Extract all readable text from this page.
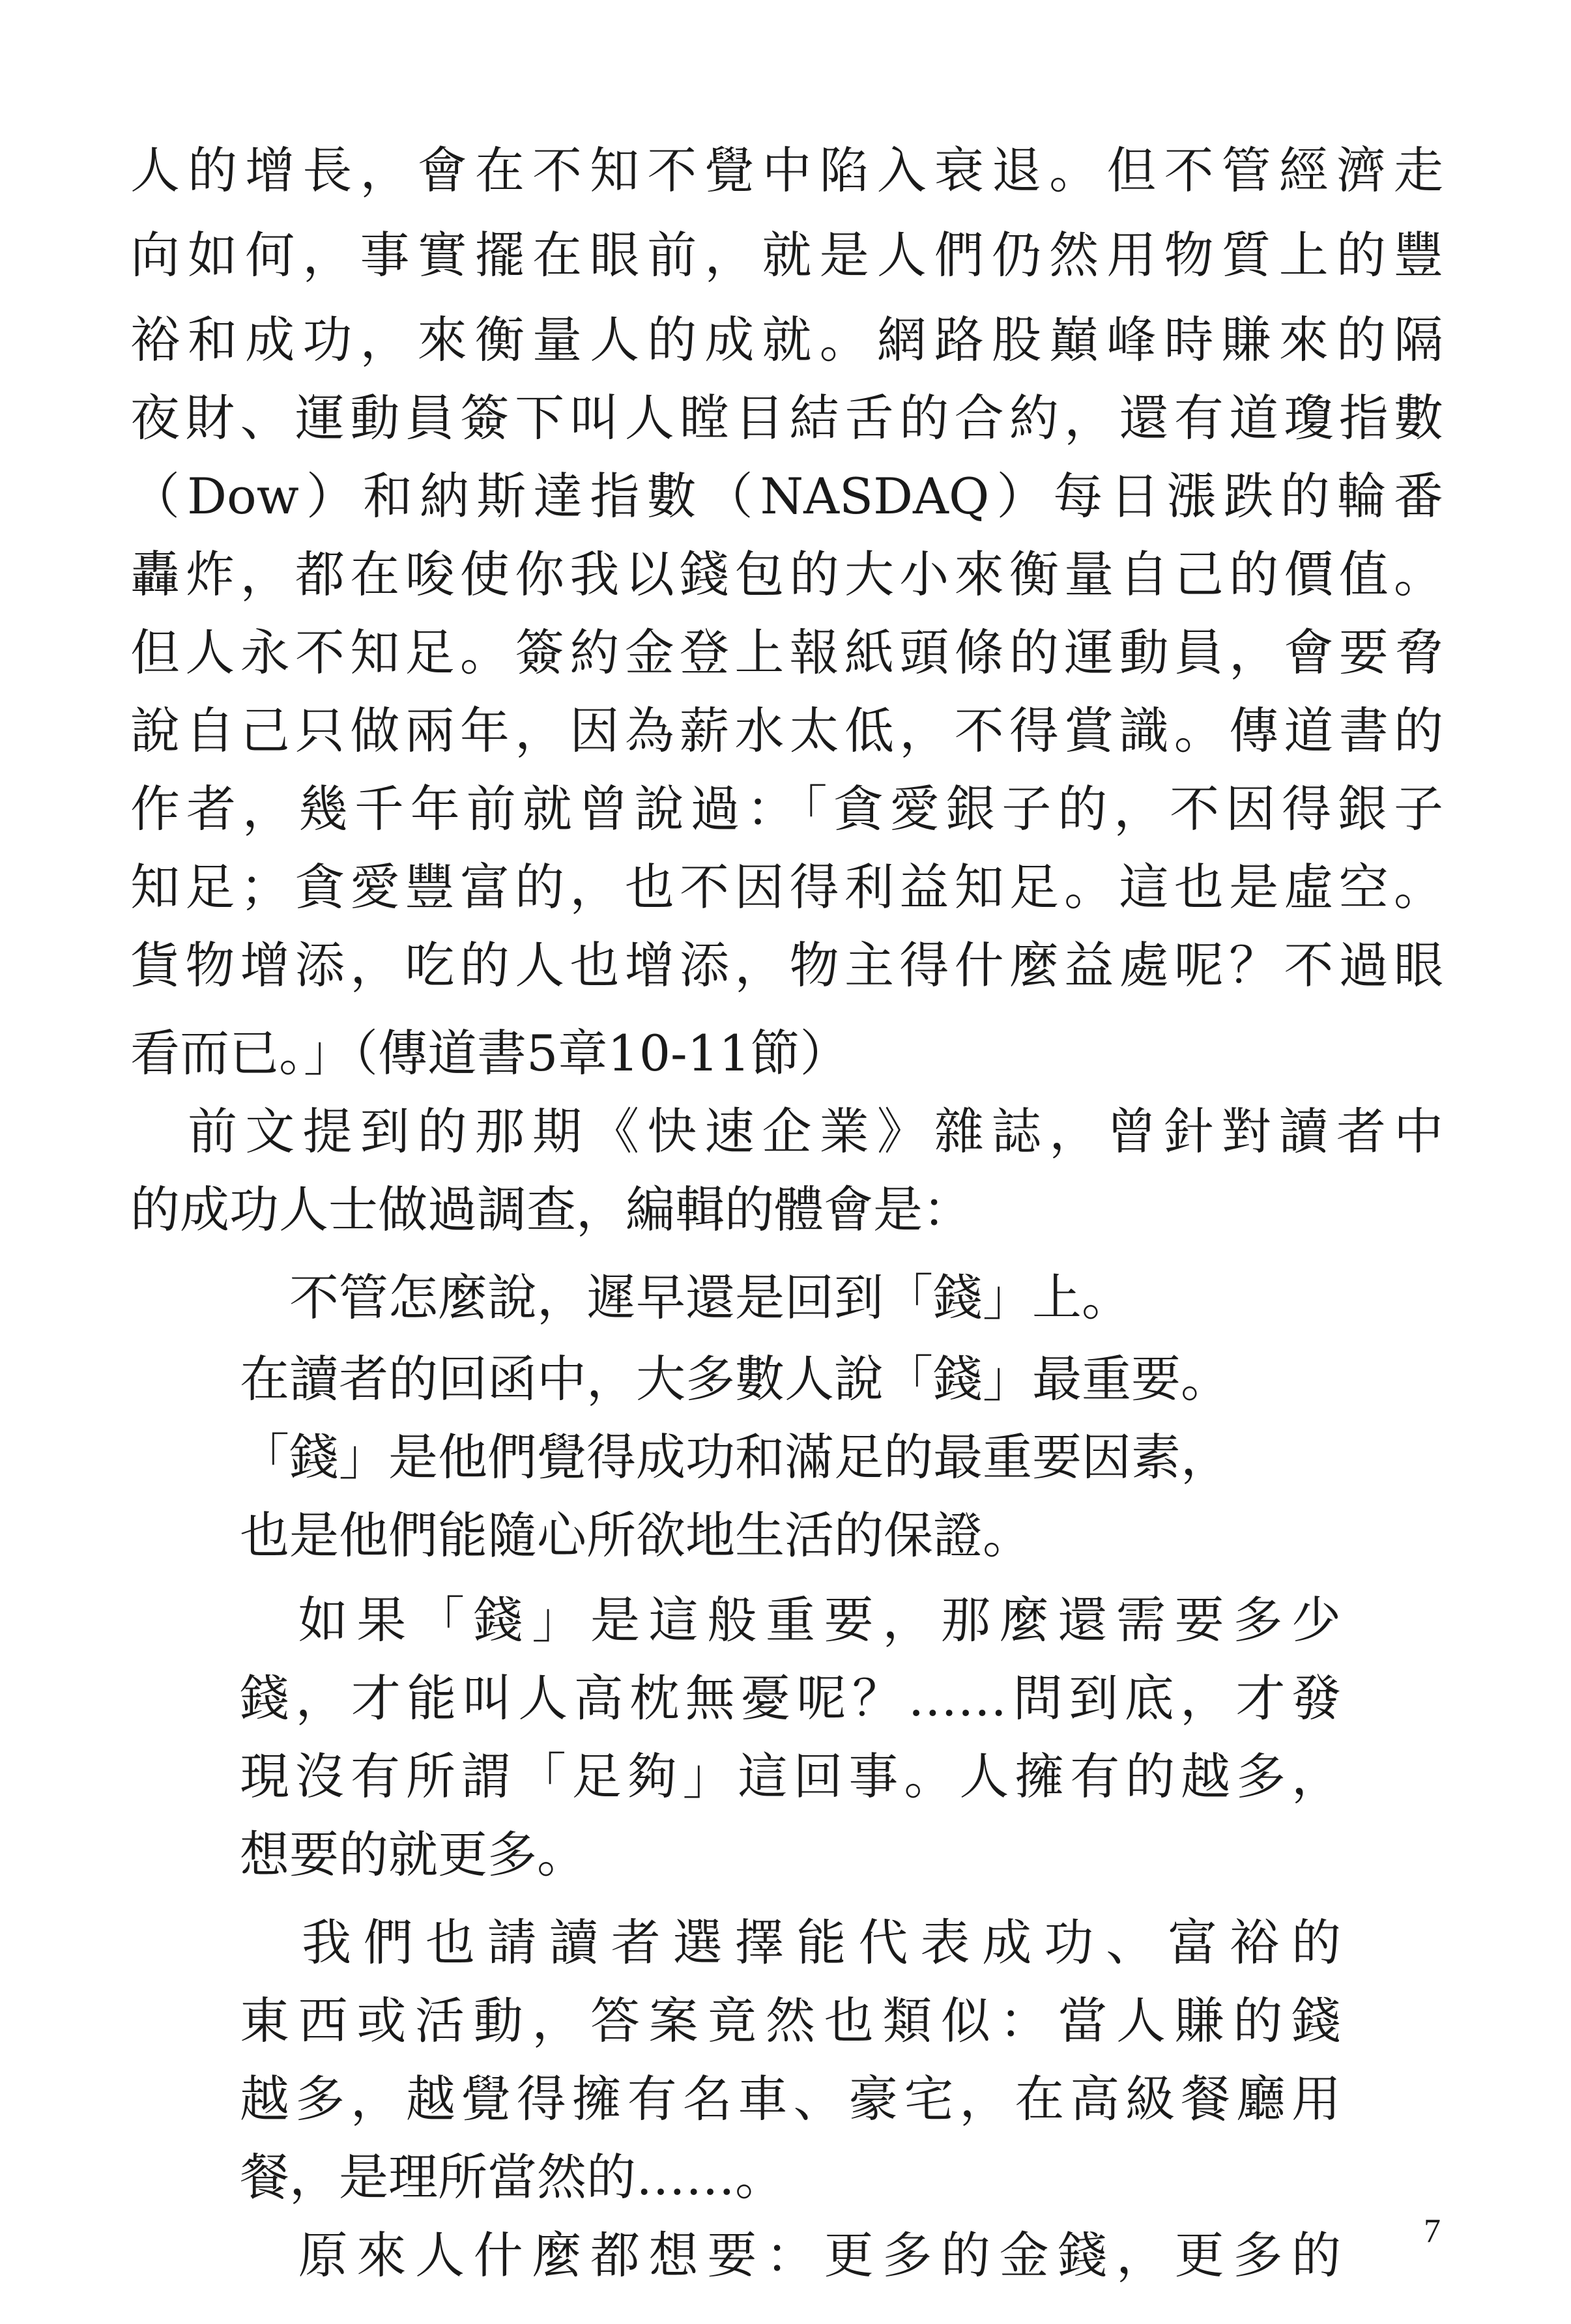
人的增長，會在不知不覺中陷入衰退。但不管經濟走
向如何，事實擺在眼前，就是人們仍然用物質上的豐
裕和成功，來衡量人的成就。網路股巔峰時賺來的隔
夜財、運動員簽下叫人瞠目結舌的合約，還有道瓊指數
（Dow）和納斯達指數（NASDAQ）每日漲跌的輪番
轟炸，都在唆使你我以錢包的大小來衡量自己的價值。
但人永不知足。簽約金登上報紙頭條的運動員，會要脅
說自己只做兩年，因為薪水太低，不得賞識。傳道書的
作者，幾千年前就曾說過：「貪愛銀子的，不因得銀子
知足；貪愛豐富的，也不因得利益知足。這也是虛空。
貨物增添，吃的人也增添，物主得什麼益處呢？不過眼
看而已。」（傳道書5章10-11節）
　前文提到的那期《快速企業》雜誌，曾針對讀者中
的成功人士做過調查，編輯的體會是：
　不管怎麼說，遲早還是回到「錢」上。
在讀者的回函中，大多數人說「錢」最重要。
「錢」是他們覺得成功和滿足的最重要因素，
也是他們能隨心所欲地生活的保證。
　如果「錢」是這般重要，那麼還需要多少
錢，才能叫人高枕無憂呢？……問到底，才發
現沒有所謂「足夠」這回事。人擁有的越多，
想要的就更多。
　我們也請讀者選擇能代表成功、富裕的
東西或活動，答案竟然也類似：當人賺的錢
越多，越覺得擁有名車、豪宅，在高級餐廳用
餐，是理所當然的……。
　原來人什麼都想要：更多的金錢，更多的 7
